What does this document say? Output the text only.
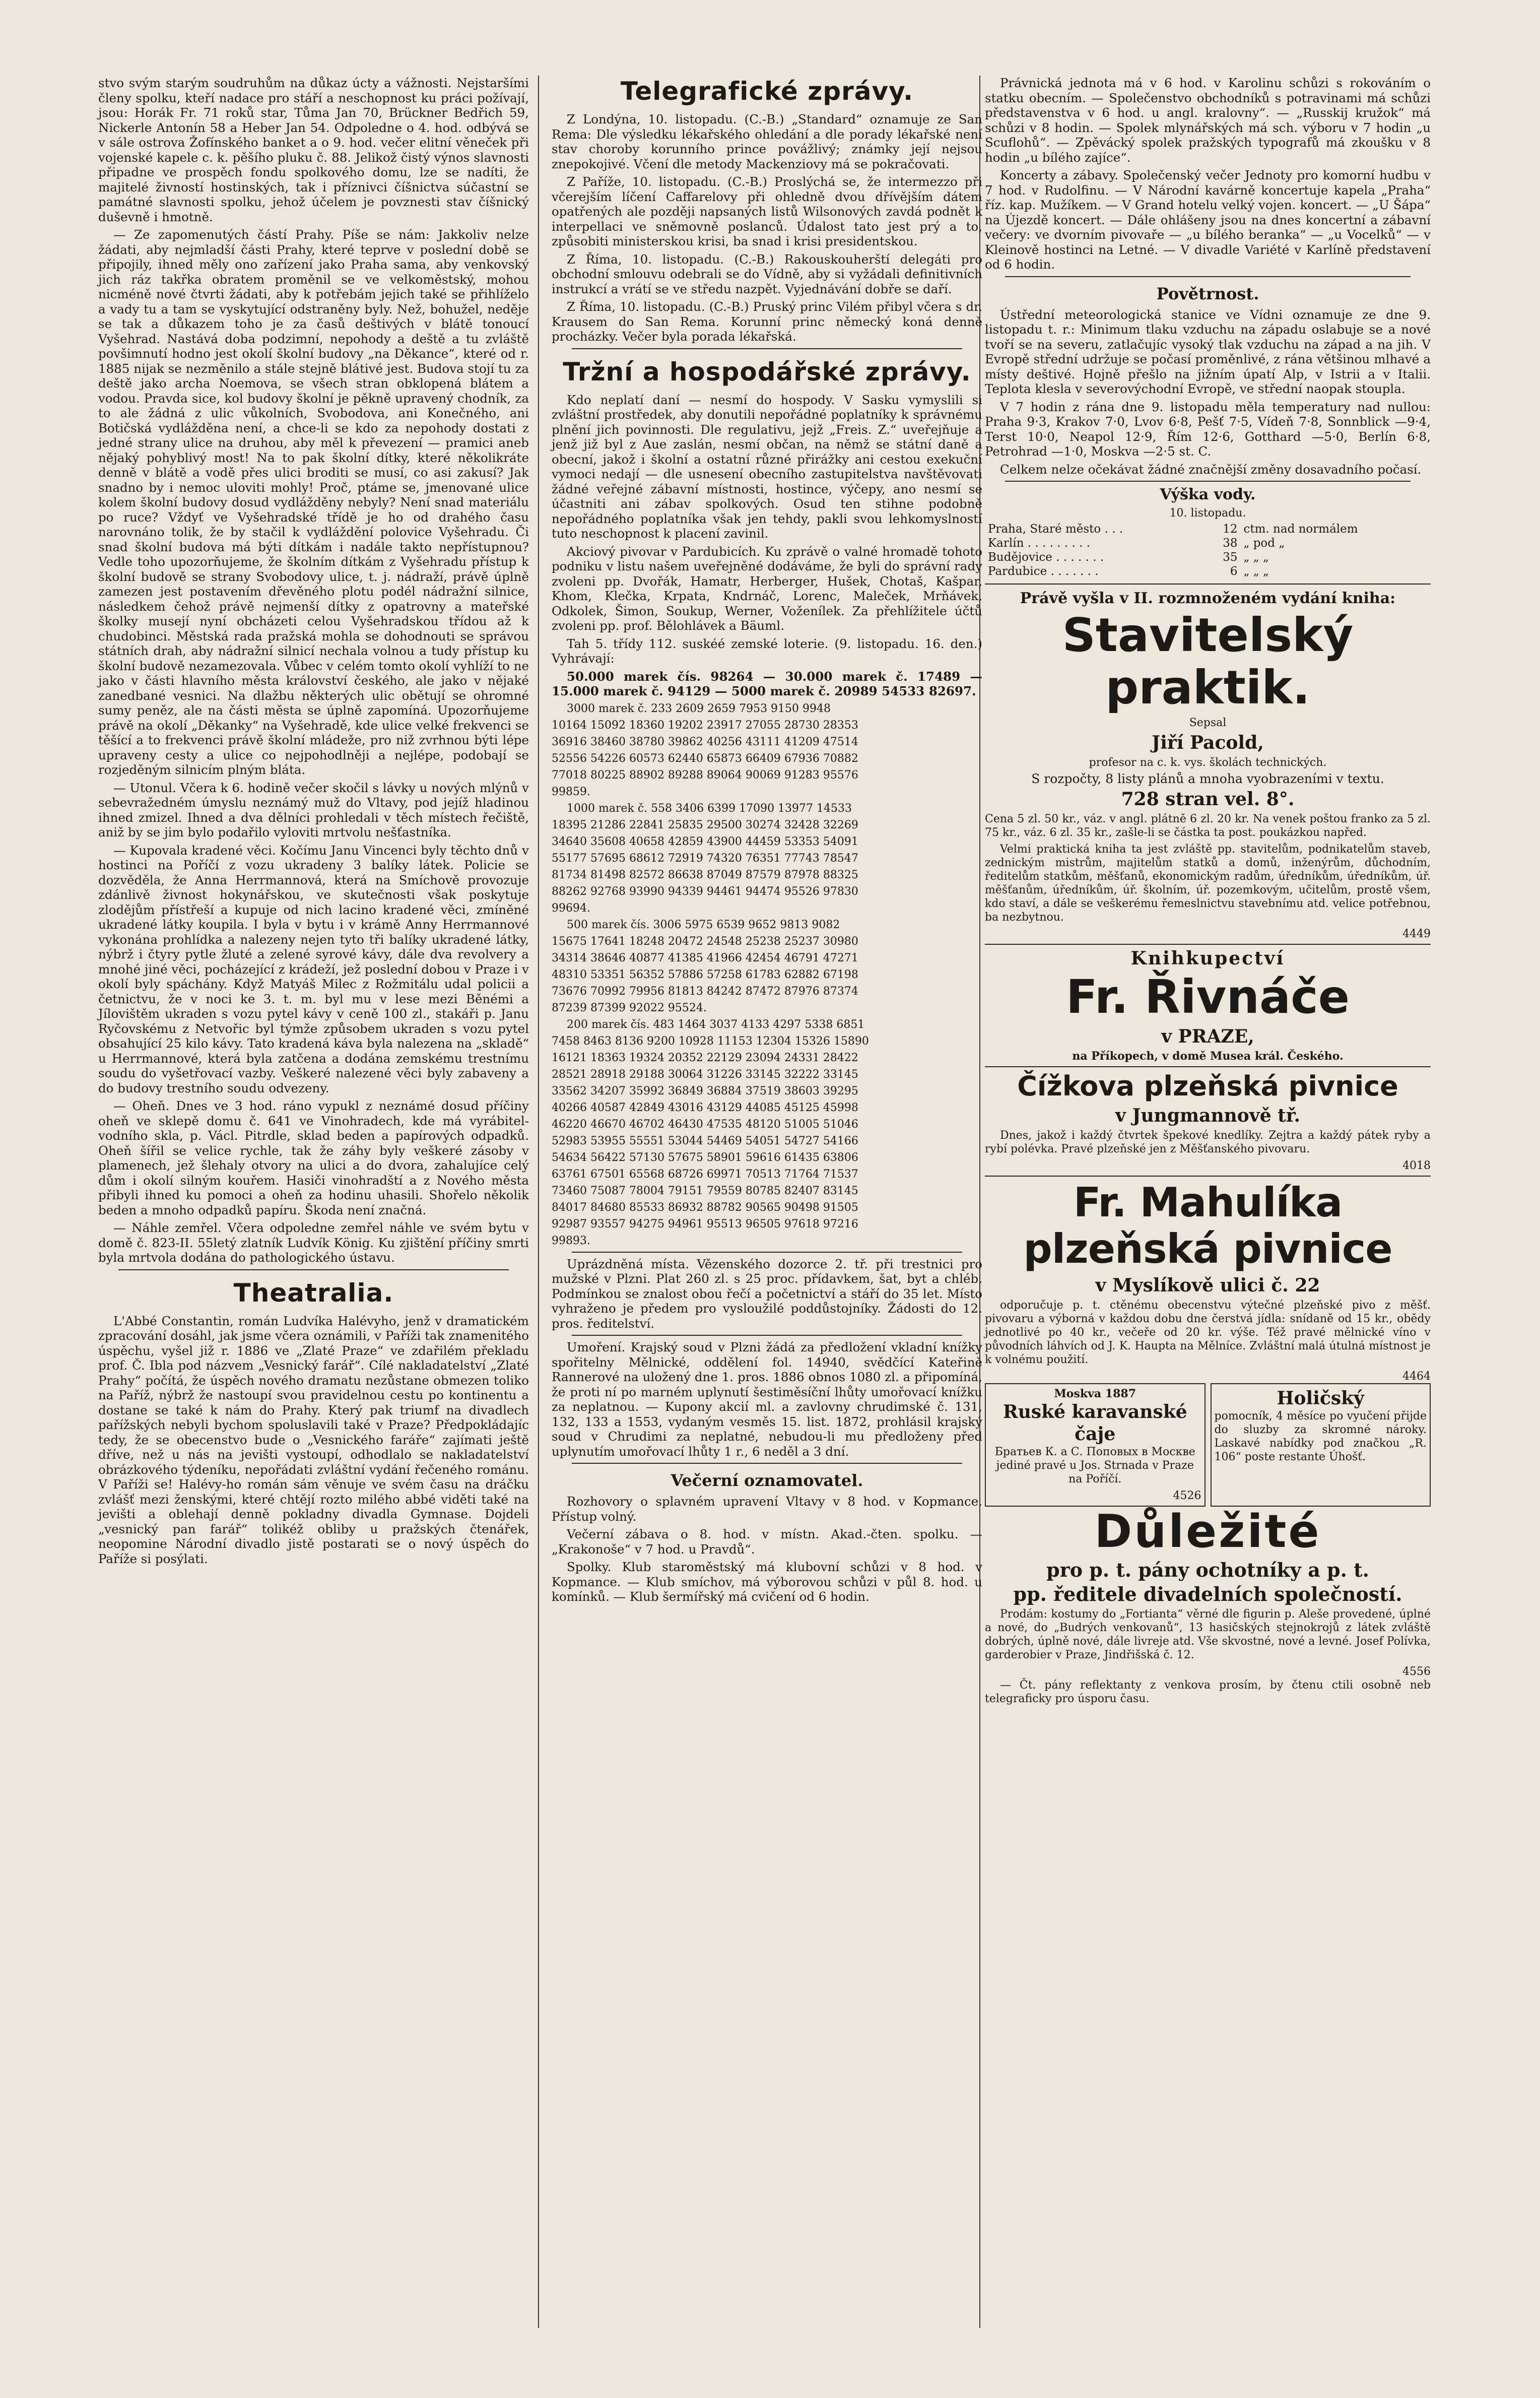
stvo svým starým soudruhům na důkaz úcty a vážnosti. Nejstaršími členy spolku, kteří nadace pro stáří a neschopnost ku práci požívají, jsou: Horák Fr. 71 roků star, Tůma Jan 70, Brückner Bedřich 59, Nickerle Antonín 58 a Heber Jan 54. Odpoledne o 4. hod. odbývá se v sále ostrova Žofínského banket a o 9. hod. večer elitní věneček při vojenské kapele c. k. pěšího pluku č. 88. Jelikož čistý výnos slavnosti připadne ve prospěch fondu spolkového domu, lze se nadíti, že majitelé živností hostinských, tak i příznivci číšnictva súčastní se památné slavnosti spolku, jehož účelem je povznesti stav číšnický duševně i hmotně.

— Ze zapomenutých částí Prahy. Píše se nám: Jakkoliv nelze žádati, aby nejmladší části Prahy, které teprve v poslední době se připojily, ihned měly ono zařízení jako Praha sama, aby venkovský jich ráz takřka obratem proměnil se ve velkoměstský, mohou nicméně nové čtvrti žádati, aby k potřebám jejich také se přihlíželo a vady tu a tam se vyskytující odstraněny byly. Než, bohužel, neděje se tak a důkazem toho je za časů deštivých v blátě tonoucí Vyšehrad. Nastává doba podzimní, nepohody a deště a tu zvláště povšimnutí hodno jest okolí školní budovy „na Děkance“, které od r. 1885 nijak se nezměnilo a stále stejně blátivé jest. Budova stojí tu za deště jako archa Noemova, se všech stran obklopená blátem a vodou. Pravda sice, kol budovy školní je pěkně upravený chodník, za to ale žádná z ulic vůkolních, Svobodova, ani Konečného, ani Botičská vydlážděna není, a chce-li se kdo za nepohody dostati z jedné strany ulice na druhou, aby měl k převezení — pramici aneb nějaký pohyblivý most! Na to pak školní dítky, které několikráte denně v blátě a vodě přes ulici broditi se musí, co asi zakusí? Jak snadno by i nemoc uloviti mohly! Proč, ptáme se, jmenované ulice kolem školní budovy dosud vydlážděny nebyly? Není snad materiálu po ruce? Vždyť ve Vyšehradské třídě je ho od drahého času narovnáno tolik, že by stačil k vydláždění polovice Vyšehradu. Či snad školní budova má býti dítkám i nadále takto nepřístupnou? Vedle toho upozorňujeme, že školním dítkám z Vyšehradu přístup k školní budově se strany Svobodovy ulice, t. j. nádraží, právě úplně zamezen jest postavením dřevěného plotu podél nádražní silnice, následkem čehož právě nejmenší dítky z opatrovny a mateřské školky musejí nyní obcházeti celou Vyšehradskou třídou až k chudobinci. Městská rada pražská mohla se dohodnouti se správou státních drah, aby nádražní silnicí nechala volnou a tudy přístup ku školní budově nezamezovala. Vůbec v celém tomto okolí vyhlíží to ne jako v části hlavního města království českého, ale jako v nějaké zanedbané vesnici. Na dlažbu některých ulic obětují se ohromné sumy peněz, ale na části města se úplně zapomíná. Upozorňujeme právě na okolí „Děkanky“ na Vyšehradě, kde ulice velké frekvenci se těšící a to frekvenci právě školní mládeže, pro niž zvrhnou býti lépe upraveny cesty a ulice co nejpohodlněji a nejlépe, podobají se rozjeděným silnicím plným bláta.

— Utonul. Včera k 6. hodině večer skočil s lávky u nových mlýnů v sebevražedném úmyslu neznámý muž do Vltavy, pod jejíž hladinou ihned zmizel. Ihned a dva dělníci prohledali v těch místech řečiště, aniž by se jim bylo podařilo vyloviti mrtvolu nešťastníka.

— Kupovala kradené věci. Kočímu Janu Vincenci byly těchto dnů v hostinci na Poříčí z vozu ukradeny 3 balíky látek. Policie se dozvěděla, že Anna Herrmannová, která na Smíchově provozuje zdánlivě živnost hokynářskou, ve skutečnosti však poskytuje zlodějům přístřeší a kupuje od nich lacino kradené věci, zmíněné ukradené látky koupila. I byla v bytu i v krámě Anny Herrmannové vykonána prohlídka a nalezeny nejen tyto tři balíky ukradené látky, nýbrž i čtyry pytle žluté a zelené syrové kávy, dále dva revolvery a mnohé jiné věci, pocházející z krádeží, jež poslední dobou v Praze i v okolí byly spáchány. Když Matyáš Milec z Rožmitálu udal policii a četnictvu, že v noci ke 3. t. m. byl mu v lese mezi Běnémi a Jílovištěm ukraden s vozu pytel kávy v ceně 100 zl., stakáři p. Janu Ryčovskému z Netvořic byl týmže způsobem ukraden s vozu pytel obsahující 25 kilo kávy. Tato kradená káva byla nalezena na „skladě“ u Herrmannové, která byla zatčena a dodána zemskému trestnímu soudu do vyšetřovací vazby. Veškeré nalezené věci byly zabaveny a do budovy trestního soudu odvezeny.

— Oheň. Dnes ve 3 hod. ráno vypukl z neznámé dosud příčiny oheň ve sklepě domu č. 641 ve Vinohradech, kde má vyrábitel-vodního skla, p. Václ. Pitrdle, sklad beden a papírových odpadků. Oheň šířil se velice rychle, tak že záhy byly veškeré zásoby v plamenech, jež šlehaly otvory na ulici a do dvora, zahalujíce celý dům i okolí silným kouřem. Hasiči vinohradští a z Nového města přibyli ihned ku pomoci a oheň za hodinu uhasili. Shořelo několik beden a mnoho odpadků papíru. Škoda není značná.

— Náhle zemřel. Včera odpoledne zemřel náhle ve svém bytu v domě č. 823-II. 55letý zlatník Ludvík König. Ku zjištění příčiny smrti byla mrtvola dodána do pathologického ústavu.

Theatralia.

L'Abbé Constantin, román Ludvíka Halévyho, jenž v dramatickém zpracování dosáhl, jak jsme včera oznámili, v Paříži tak znamenitého úspěchu, vyšel již r. 1886 ve „Zlaté Praze“ ve zdařilém překladu prof. Č. Ibla pod názvem „Vesnický farář“. Cílé nakladatelství „Zlaté Prahy“ počítá, že úspěch nového dramatu nezůstane obmezen toliko na Paříž, nýbrž že nastoupí svou pravidelnou cestu po kontinentu a dostane se také k nám do Prahy. Který pak triumf na divadlech pařížských nebyli bychom spoluslavili také v Praze? Předpokládajíc tedy, že se obecenstvo bude o „Vesnického faráře“ zajímati ještě dříve, než u nás na jevišti vystoupí, odhodlalo se nakladatelství obrázkového týdeníku, nepořádati zvláštní vydání řečeného románu. V Paříži se! Halévy-ho román sám věnuje ve svém času na dráčku zvlášť mezi ženskými, které chtějí rozto milého abbé viděti také na jevišti a oblehají denně pokladny divadla Gymnase. Dojdeli „vesnický pan farář“ tolikéž obliby u pražských čtenářek, neopomine Národní divadlo jistě postarati se o nový úspěch do Paříže si posýlati.

Telegrafické zprávy.

Z Londýna, 10. listopadu. (C.-B.) „Standard“ oznamuje ze San Rema: Dle výsledku lékařského ohledání a dle porady lékařské není stav choroby korunního prince povážlivý; známky její nejsou znepokojivé. Včení dle metody Mackenziovy má se pokračovati.

Z Paříže, 10. listopadu. (C.-B.) Proslýchá se, že intermezzo při včerejším líčení Caffarelovy při ohledně dvou dřívějším dátem opatřených ale později napsaných listů Wilsonových zavdá podnět k interpellaci ve sněmovně poslanců. Údalost tato jest prý a to, způsobiti ministerskou krisi, ba snad i krisi presidentskou.

Z Říma, 10. listopadu. (C.-B.) Rakouskouherští delegáti pro obchodní smlouvu odebrali se do Vídně, aby si vyžádali definitivních instrukcí a vrátí se ve středu nazpět. Vyjednávání dobře se daří.

Z Říma, 10. listopadu. (C.-B.) Pruský princ Vilém přibyl včera s dr. Krausem do San Rema. Korunní princ německý koná denně procházky. Večer byla porada lékařská.

Tržní a hospodářské zprávy.

Kdo neplatí daní — nesmí do hospody. V Sasku vymyslili si zvláštní prostředek, aby donutili nepořádné poplatníky k správnému plnění jich povinnosti. Dle regulativu, jejž „Freis. Z.“ uveřejňuje a jenž již byl z Aue zaslán, nesmí občan, na němž se státní daně a obecní, jakož i školní a ostatní různé přirážky ani cestou exekuční vymoci nedají — dle usnesení obecního zastupitelstva navštěvovati žádné veřejné zábavní místnosti, hostince, výčepy, ano nesmí se účastniti ani zábav spolkových. Osud ten stihne podobně nepořádného poplatníka však jen tehdy, pakli svou lehkomyslností tuto neschopnost k placení zavinil.

Akciový pivovar v Pardubicích. Ku zprávě o valné hromadě tohoto podniku v listu našem uveřejněné dodáváme, že byli do správní rady zvoleni pp. Dvořák, Hamatr, Herberger, Hušek, Chotaš, Kašpar, Khom, Klečka, Krpata, Kndrnáč, Lorenc, Maleček, Mrňávek, Odkolek, Šimon, Soukup, Werner, Voženílek. Za přehlížitele účtů zvoleni pp. prof. Bělohlávek a Bäuml.

Tah 5. třídy 112. suskéé zemské loterie. (9. listopadu. 16. den.) Vyhrávají:

50.000 marek čís. 98264 — 30.000 marek č. 17489 — 15.000 marek č. 94129 — 5000 marek č. 20989 54533 82697.

3000 marek č. 233 2609 2659 7953 9150 9948

10164 15092 18360 19202 23917 27055 28730 28353

36916 38460 38780 39862 40256 43111 41209 47514

52556 54226 60573 62440 65873 66409 67936 70882

77018 80225 88902 89288 89064 90069 91283 95576

99859.

1000 marek č. 558 3406 6399 17090 13977 14533

18395 21286 22841 25835 29500 30274 32428 32269

34640 35608 40658 42859 43900 44459 53353 54091

55177 57695 68612 72919 74320 76351 77743 78547

81734 81498 82572 86638 87049 87579 87978 88325

88262 92768 93990 94339 94461 94474 95526 97830

99694.

500 marek čís. 3006 5975 6539 9652 9813 9082

15675 17641 18248 20472 24548 25238 25237 30980

34314 38646 40877 41385 41966 42454 46791 47271

48310 53351 56352 57886 57258 61783 62882 67198

73676 70992 79956 81813 84242 87472 87976 87374

87239 87399 92022 95524.

200 marek čís. 483 1464 3037 4133 4297 5338 6851

7458 8463 8136 9200 10928 11153 12304 15326 15890

16121 18363 19324 20352 22129 23094 24331 28422

28521 28918 29188 30064 31226 33145 32222 33145

33562 34207 35992 36849 36884 37519 38603 39295

40266 40587 42849 43016 43129 44085 45125 45998

46220 46670 46702 46430 47535 48120 51005 51046

52983 53955 55551 53044 54469 54051 54727 54166

54634 56422 57130 57675 58901 59616 61435 63806

63761 67501 65568 68726 69971 70513 71764 71537

73460 75087 78004 79151 79559 80785 82407 83145

84017 84680 85533 86932 88782 90565 90498 91505

92987 93557 94275 94961 95513 96505 97618 97216

99893.

Uprázdněná místa. Vězenského dozorce 2. tř. při trestnici pro mužské v Plzni. Plat 260 zl. s 25 proc. přídavkem, šat, byt a chléb. Podmínkou se znalost obou řečí a početnictví a stáří do 35 let. Místo vyhraženo je předem pro vysloužilé poddůstojníky. Žádosti do 12. pros. ředitelství.

Umoření. Krajský soud v Plzni žádá za předložení vkladní knížky spořitelny Mělnické, oddělení fol. 14940, svědčící Kateřině Rannerové na uložený dne 1. pros. 1886 obnos 1080 zl. a připomíná, že proti ní po marném uplynutí šestiměsíční lhůty umořovací knížku za neplatnou. — Kupony akcií ml. a zavlovny chrudimské č. 131, 132, 133 a 1553, vydaným vesměs 15. list. 1872, prohlásil krajský soud v Chrudimi za neplatné, nebudou-li mu předloženy před uplynutím umořovací lhůty 1 r., 6 neděl a 3 dní.

Večerní oznamovatel.

Rozhovory o splavném upravení Vltavy v 8 hod. v Kopmance. Přístup volný.

Večerní zábava o 8. hod. v místn. Akad.-čten. spolku. — „Krakonoše“ v 7 hod. u Pravdů“.

Spolky. Klub staroměstský má klubovní schůzi v 8 hod. v Kopmance. — Klub smíchov, má výborovou schůzi v půl 8. hod. u komínků. — Klub šermířský má cvičení od 6 hodin.

Právnická jednota má v 6 hod. v Karolinu schůzi s rokováním o statku obecním. — Společenstvo obchodníků s potravinami má schůzi představenstva v 6 hod. u angl. kralovny“. — „Russkij kružok“ má schůzi v 8 hodin. — Spolek mlynářských má sch. výboru v 7 hodin „u Scuflohů“. — Zpěvácký spolek pražských typografů má zkoušku v 8 hodin „u bílého zajíce“.

Koncerty a zábavy. Společenský večer Jednoty pro komorní hudbu v 7 hod. v Rudolfinu. — V Národní kavárně koncertuje kapela „Praha“ říz. kap. Mužíkem. — V Grand hotelu velký vojen. koncert. — „U Šápa“ na Újezdě koncert. — Dále ohlášeny jsou na dnes koncertní a zábavní večery: ve dvorním pivovaře — „u bílého beranka“ — „u Vocelků“ — v Kleinově hostinci na Letné. — V divadle Variété v Karlíně představení od 6 hodin.

Povětrnost.

Ústřední meteorologická stanice ve Vídni oznamuje ze dne 9. listopadu t. r.: Minimum tlaku vzduchu na západu oslabuje se a nové tvoří se na severu, zatlačujíc vysoký tlak vzduchu na západ a na jih. V Evropě střední udržuje se počasí proměnlivé, z rána většinou mlhavé a místy deštivé. Hojně přešlo na jižním úpatí Alp, v Istrii a v Italii. Teplota klesla v severovýchodní Evropě, ve střední naopak stoupla.

V 7 hodin z rána dne 9. listopadu měla temperatury nad nullou: Praha 9·3, Krakov 7·0, Lvov 6·8, Pešť 7·5, Vídeň 7·8, Sonnblick —9·4, Terst 10·0, Neapol 12·9, Řím 12·6, Gotthard —5·0, Berlín 6·8, Petrohrad —1·0, Moskva —2·5 st. C.

Celkem nelze očekávat žádné značnější změny dosavadního počasí.

Výška vody.
10. listopadu.
Praha, Staré město . . .	12	ctm. nad normálem
Karlín . . . . . . . . .	38	„ pod „
Budějovice . . . . . . .	35	„ „ „
Pardubice . . . . . . .	6	„ „ „
Právě vyšla v II. rozmnoženém vydání kniha:
Stavitelský praktik.
Sepsal
Jiří Pacold,
profesor na c. k. vys. školách technických.
S rozpočty, 8 listy plánů a mnoha vyobrazeními v textu.
728 stran vel. 8°.

Cena 5 zl. 50 kr., váz. v angl. plátně 6 zl. 20 kr. Na venek poštou franko za 5 zl. 75 kr., váz. 6 zl. 35 kr., zašle-li se částka ta post. poukázkou napřed.

Velmi praktická kniha ta jest zvláště pp. stavitelům, podnikatelům staveb, zednickým mistrům, majitelům statků a domů, inženýrům, důchodním, ředitelům statkům, měšťanů, ekonomickým radům, úředníkům, úředníkům, úř. měšťanům, úředníkům, úř. školním, úř. pozemkovým, učitelům, prostě všem, kdo staví, a dále se veškerému řemeslnictvu stavebnímu atd. velice potřebnou, ba nezbytnou.

4449
Knihkupectví
Fr. Řivnáče
v PRAZE,
na Příkopech, v domě Musea král. Českého.
Čížkova plzeňská pivnice
v Jungmannově tř.

Dnes, jakož i každý čtvrtek špekové knedlíky. Zejtra a každý pátek ryby a rybí polévka. Pravé plzeňské jen z Měšťanského pivovaru.

4018
Fr. Mahulíka plzeňská pivnice
v Myslíkově ulici č. 22

odporučuje p. t. ctěnému obecenstvu výtečné plzeňské pivo z měšť. pivovaru a výborná v každou dobu dne čerstvá jídla: snídaně od 15 kr., obědy jednotlivé po 40 kr., večeře od 20 kr. výše. Též pravé mělnické víno v původních láhvích od J. K. Haupta na Mělníce. Zvláštní malá útulná místnost je k volnému použití.

4464
Moskva 1887
Ruské karavanské čaje

Братьев К. а С. Поповых в Москве jediné pravé u Jos. Strnada v Praze na Poříčí.

4526
Holičský

pomocník, 4 měsíce po vyučení přijde do sluzby za skromné nároky. Laskavé nabídky pod značkou „R. 106“ poste restante Úhošť.

Důležité
pro p. t. pány ochotníky a p. t.
pp. ředitele divadelních společností.

Prodám: kostumy do „Fortianta“ věrné dle figurin p. Aleše provedené, úplné a nové, do „Budrých venkovanů“, 13 hasičských stejnokrojů z látek zvláště dobrých, úplně nové, dále livreje atd. Vše skvostné, nové a levné. Josef Polívka, garderobier v Praze, Jindřišská č. 12.

4556

— Čt. pány reflektanty z venkova prosím, by čtenu ctili osobně neb telegraficky pro úsporu času.
